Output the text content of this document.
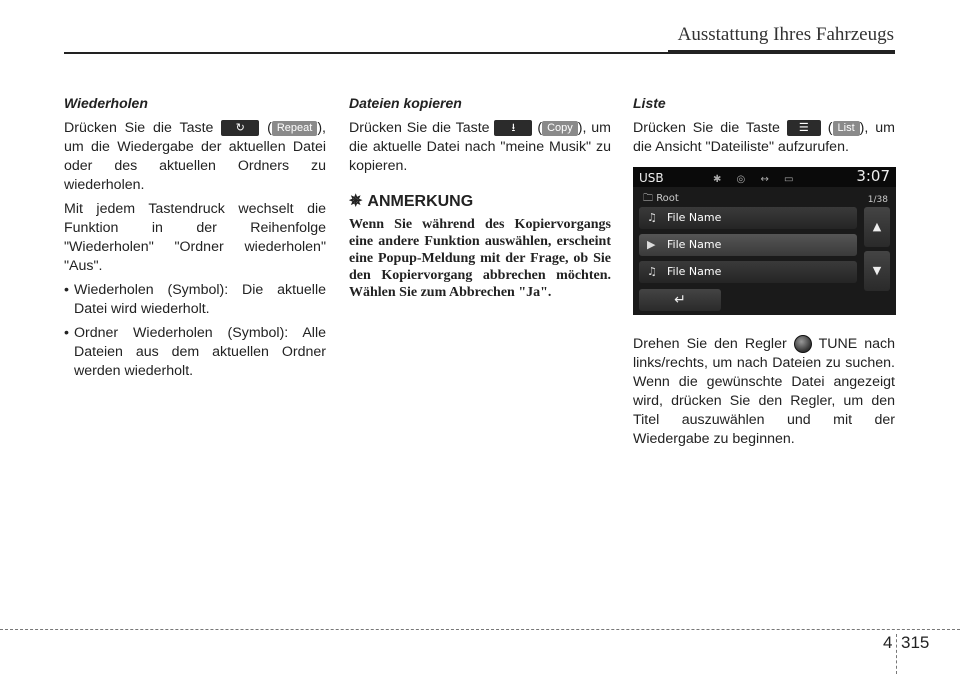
Ausstattung Ihres Fahrzeugs
Wiederholen

Drücken Sie die Taste ↻ ( Repeat ), um die Wiedergabe der aktuellen Datei oder des aktuellen Ordners zu wiederholen.

Mit jedem Tastendruck wechselt die Funktion in der Reihenfolge "Wiederholen" "Ordner wiederholen" "Aus".

• Wiederholen (Symbol): Die aktuelle Datei wird wiederholt.
• Ordner Wiederholen (Symbol): Alle Dateien aus dem aktuellen Ordner werden wiederholt.
Dateien kopieren

Drücken Sie die Taste ⭳ ( Copy ), um die aktuelle Datei nach "meine Musik" zu kopieren.

✵ ANMERKUNG
Wenn Sie während des Kopiervorgangs eine andere Funktion auswählen, erscheint eine Popup-Meldung mit der Frage, ob Sie den Kopiervorgang abbrechen möchten. Wählen Sie zum Abbrechen "Ja".
Liste

Drücken Sie die Taste ☰ ( List ), um die Ansicht "Dateiliste" aufzurufen.

USB	✱ ◎ ↔ ▭	3:07
🗀 Root	1/38
♫ File Name
▶ File Name
♫ File Name
▲
▼
↵

Drehen Sie den Regler TUNE nach links/rechts, um nach Dateien zu suchen. Wenn die gewünschte Datei angezeigt wird, drücken Sie den Regler, um den Titel auszuwählen und mit der Wiedergabe zu beginnen.

4 315
